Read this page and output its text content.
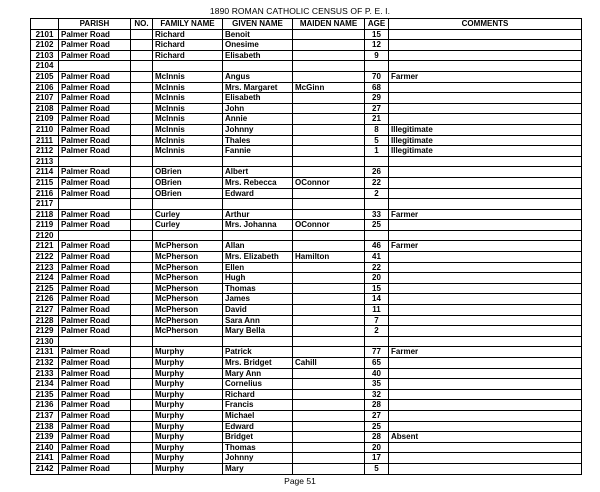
1890 ROMAN CATHOLIC CENSUS OF P. E. I.
	PARISH	NO.	FAMILY NAME	GIVEN NAME	MAIDEN NAME	AGE	COMMENTS
2101	Palmer Road		Richard	Benoit		15	
2102	Palmer Road		Richard	Onesime		12	
2103	Palmer Road		Richard	Elisabeth		9	
2104							
2105	Palmer Road		McInnis	Angus		70	Farmer
2106	Palmer Road		McInnis	Mrs. Margaret	McGinn	68	
2107	Palmer Road		McInnis	Elisabeth		29	
2108	Palmer Road		McInnis	John		27	
2109	Palmer Road		McInnis	Annie		21	
2110	Palmer Road		McInnis	Johnny		8	Illegitimate
2111	Palmer Road		McInnis	Thales		5	Illegitimate
2112	Palmer Road		McInnis	Fannie		1	Illegitimate
2113							
2114	Palmer Road		OBrien	Albert		26	
2115	Palmer Road		OBrien	Mrs. Rebecca	OConnor	22	
2116	Palmer Road		OBrien	Edward		2	
2117							
2118	Palmer Road		Curley	Arthur		33	Farmer
2119	Palmer Road		Curley	Mrs. Johanna	OConnor	25	
2120							
2121	Palmer Road		McPherson	Allan		46	Farmer
2122	Palmer Road		McPherson	Mrs. Elizabeth	Hamilton	41	
2123	Palmer Road		McPherson	Ellen		22	
2124	Palmer Road		McPherson	Hugh		20	
2125	Palmer Road		McPherson	Thomas		15	
2126	Palmer Road		McPherson	James		14	
2127	Palmer Road		McPherson	David		11	
2128	Palmer Road		McPherson	Sara Ann		7	
2129	Palmer Road		McPherson	Mary Bella		2	
2130							
2131	Palmer Road		Murphy	Patrick		77	Farmer
2132	Palmer Road		Murphy	Mrs. Bridget	Cahill	65	
2133	Palmer Road		Murphy	Mary Ann		40	
2134	Palmer Road		Murphy	Cornelius		35	
2135	Palmer Road		Murphy	Richard		32	
2136	Palmer Road		Murphy	Francis		28	
2137	Palmer Road		Murphy	Michael		27	
2138	Palmer Road		Murphy	Edward		25	
2139	Palmer Road		Murphy	Bridget		28	Absent
2140	Palmer Road		Murphy	Thomas		20	
2141	Palmer Road		Murphy	Johnny		17	
2142	Palmer Road		Murphy	Mary		5	
Page 51
